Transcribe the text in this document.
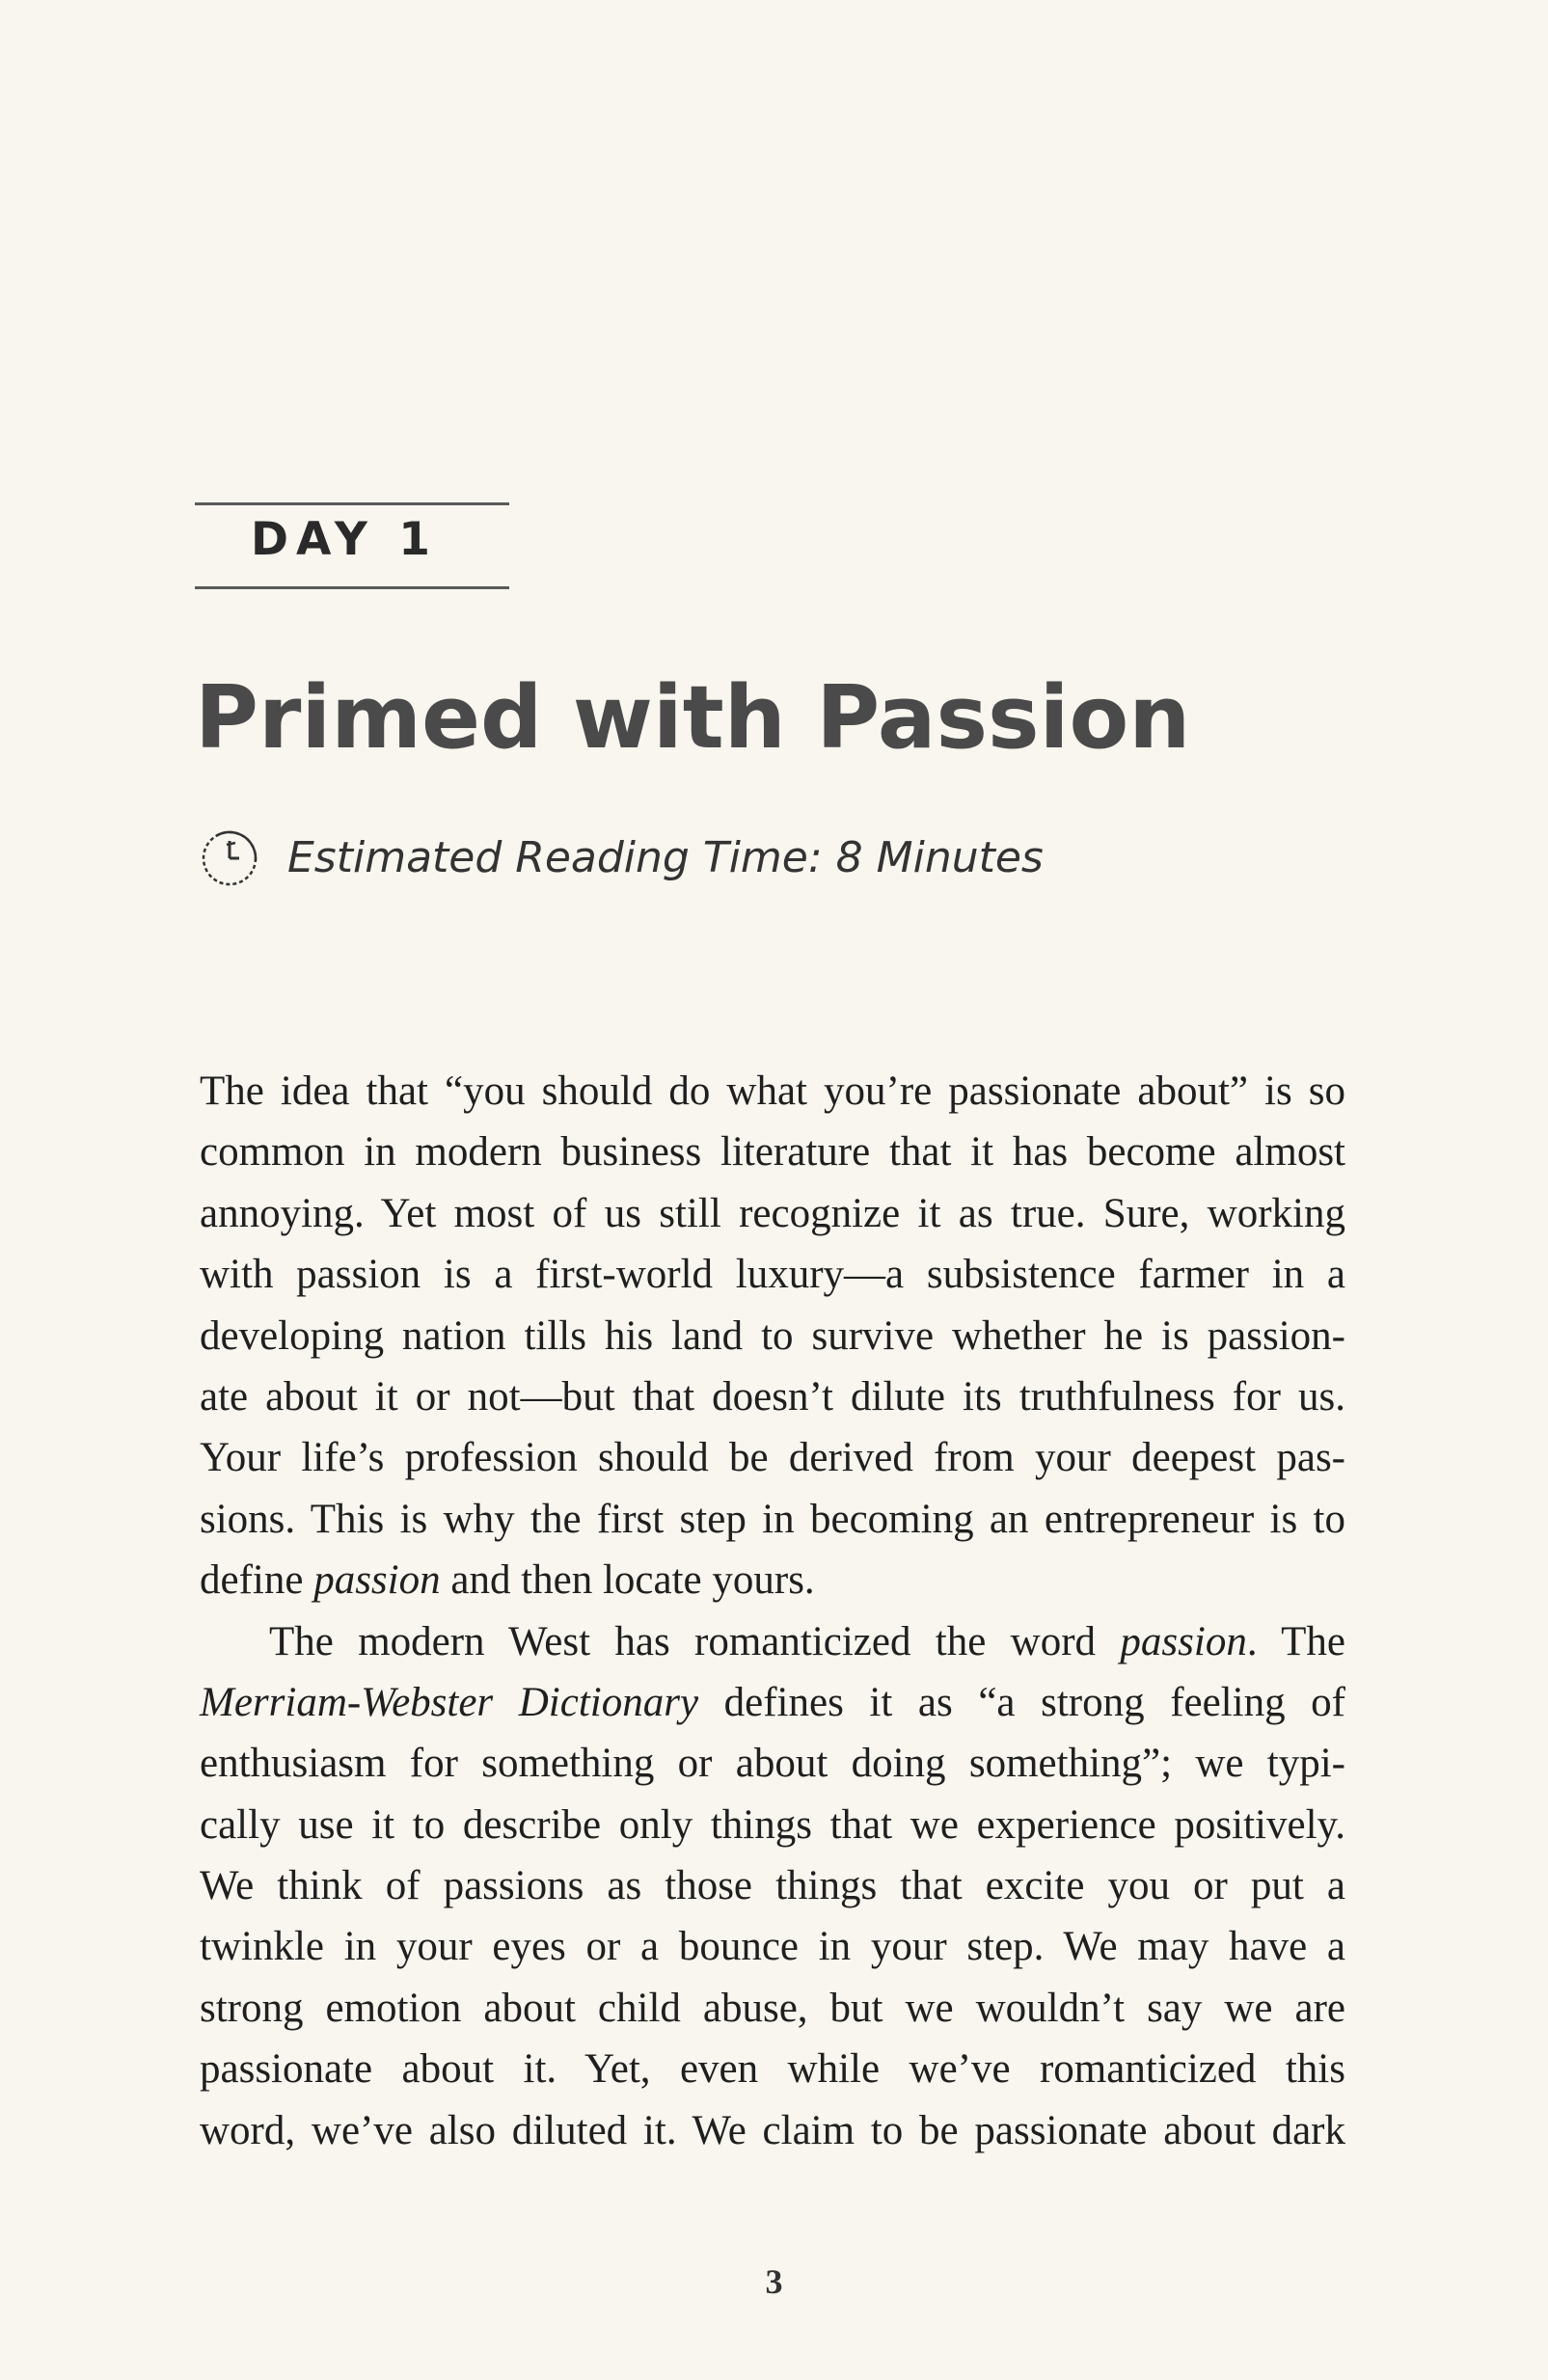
DAY 1
Primed with Passion
Estimated Reading Time: 8 Minutes
The idea that “you should do what you’re passionate about” is so
common in modern business literature that it has become almost
annoying. Yet most of us still recognize it as true. Sure, working
with passion is a first-world luxury—a subsistence farmer in a
developing nation tills his land to survive whether he is passion-
ate about it or not—but that doesn’t dilute its truthfulness for us.
Your life’s profession should be derived from your deepest pas-
sions. This is why the first step in becoming an entrepreneur is to
define passion and then locate yours.
The modern West has romanticized the word passion. The
Merriam-Webster Dictionary defines it as “a strong feeling of
enthusiasm for something or about doing something”; we typi-
cally use it to describe only things that we experience positively.
We think of passions as those things that excite you or put a
twinkle in your eyes or a bounce in your step. We may have a
strong emotion about child abuse, but we wouldn’t say we are
passionate about it. Yet, even while we’ve romanticized this
word, we’ve also diluted it. We claim to be passionate about dark
3
